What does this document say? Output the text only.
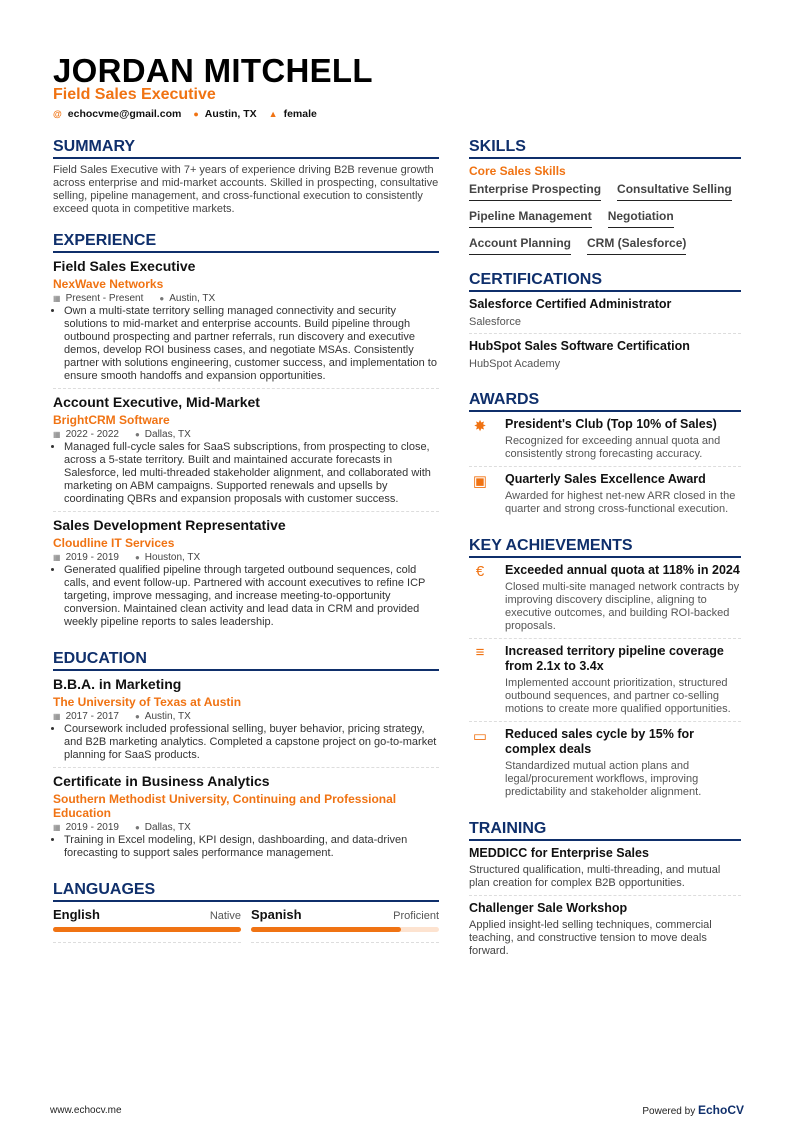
JORDAN MITCHELL
Field Sales Executive
@ echocvme@gmail.com ● Austin, TX ▲ female
SUMMARY
Field Sales Executive with 7+ years of experience driving B2B revenue growth across enterprise and mid-market accounts. Skilled in prospecting, consultative selling, pipeline management, and cross-functional execution to consistently exceed quota in competitive markets.
EXPERIENCE
Field Sales Executive
NexWave Networks
▦ Present - Present ● Austin, TX
• Own a multi-state territory selling managed connectivity and security solutions to mid-market and enterprise accounts. Build pipeline through outbound prospecting and partner referrals, run discovery and executive demos, develop ROI business cases, and negotiate MSAs. Consistently partner with solutions engineering, customer success, and implementation to ensure smooth handoffs and expansion opportunities.
Account Executive, Mid-Market
BrightCRM Software
▦ 2022 - 2022 ● Dallas, TX
• Managed full-cycle sales for SaaS subscriptions, from prospecting to close, across a 5-state territory. Built and maintained accurate forecasts in Salesforce, led multi-threaded stakeholder alignment, and collaborated with marketing on ABM campaigns. Supported renewals and upsells by coordinating QBRs and expansion proposals with customer success.
Sales Development Representative
Cloudline IT Services
▦ 2019 - 2019 ● Houston, TX
• Generated qualified pipeline through targeted outbound sequences, cold calls, and event follow-up. Partnered with account executives to refine ICP targeting, improve messaging, and increase meeting-to-opportunity conversion. Maintained clean activity and lead data in CRM and provided weekly pipeline reports to sales leadership.
EDUCATION
B.B.A. in Marketing
The University of Texas at Austin
▦ 2017 - 2017 ● Austin, TX
• Coursework included professional selling, buyer behavior, pricing strategy, and B2B marketing analytics. Completed a capstone project on go-to-market planning for SaaS products.
Certificate in Business Analytics
Southern Methodist University, Continuing and Professional Education
▦ 2019 - 2019 ● Dallas, TX
• Training in Excel modeling, KPI design, dashboarding, and data-driven forecasting to support sales performance management.
LANGUAGES
English	Native Spanish	Proficient
SKILLS
Core Sales Skills
Enterprise Prospecting Consultative Selling
Pipeline Management Negotiation
Account Planning CRM (Salesforce)
CERTIFICATIONS
Salesforce Certified Administrator
Salesforce
HubSpot Sales Software Certification
HubSpot Academy
AWARDS
✸	President's Club (Top 10% of Sales)
Recognized for exceeding annual quota and consistently strong forecasting accuracy.
▣	Quarterly Sales Excellence Award
Awarded for highest net-new ARR closed in the quarter and strong cross-functional execution.
KEY ACHIEVEMENTS
€	Exceeded annual quota at 118% in 2024
Closed multi-site managed network contracts by improving discovery discipline, aligning to executive outcomes, and building ROI-backed proposals.
≡	Increased territory pipeline coverage from 2.1x to 3.4x
Implemented account prioritization, structured outbound sequences, and partner co-selling motions to create more qualified opportunities.
▭	Reduced sales cycle by 15% for complex deals
Standardized mutual action plans and legal/procurement workflows, improving predictability and stakeholder alignment.
TRAINING
MEDDICC for Enterprise Sales
Structured qualification, multi-threading, and mutual plan creation for complex B2B opportunities.
Challenger Sale Workshop
Applied insight-led selling techniques, commercial teaching, and constructive tension to move deals forward.
www.echocv.me	Powered by EchoCV
